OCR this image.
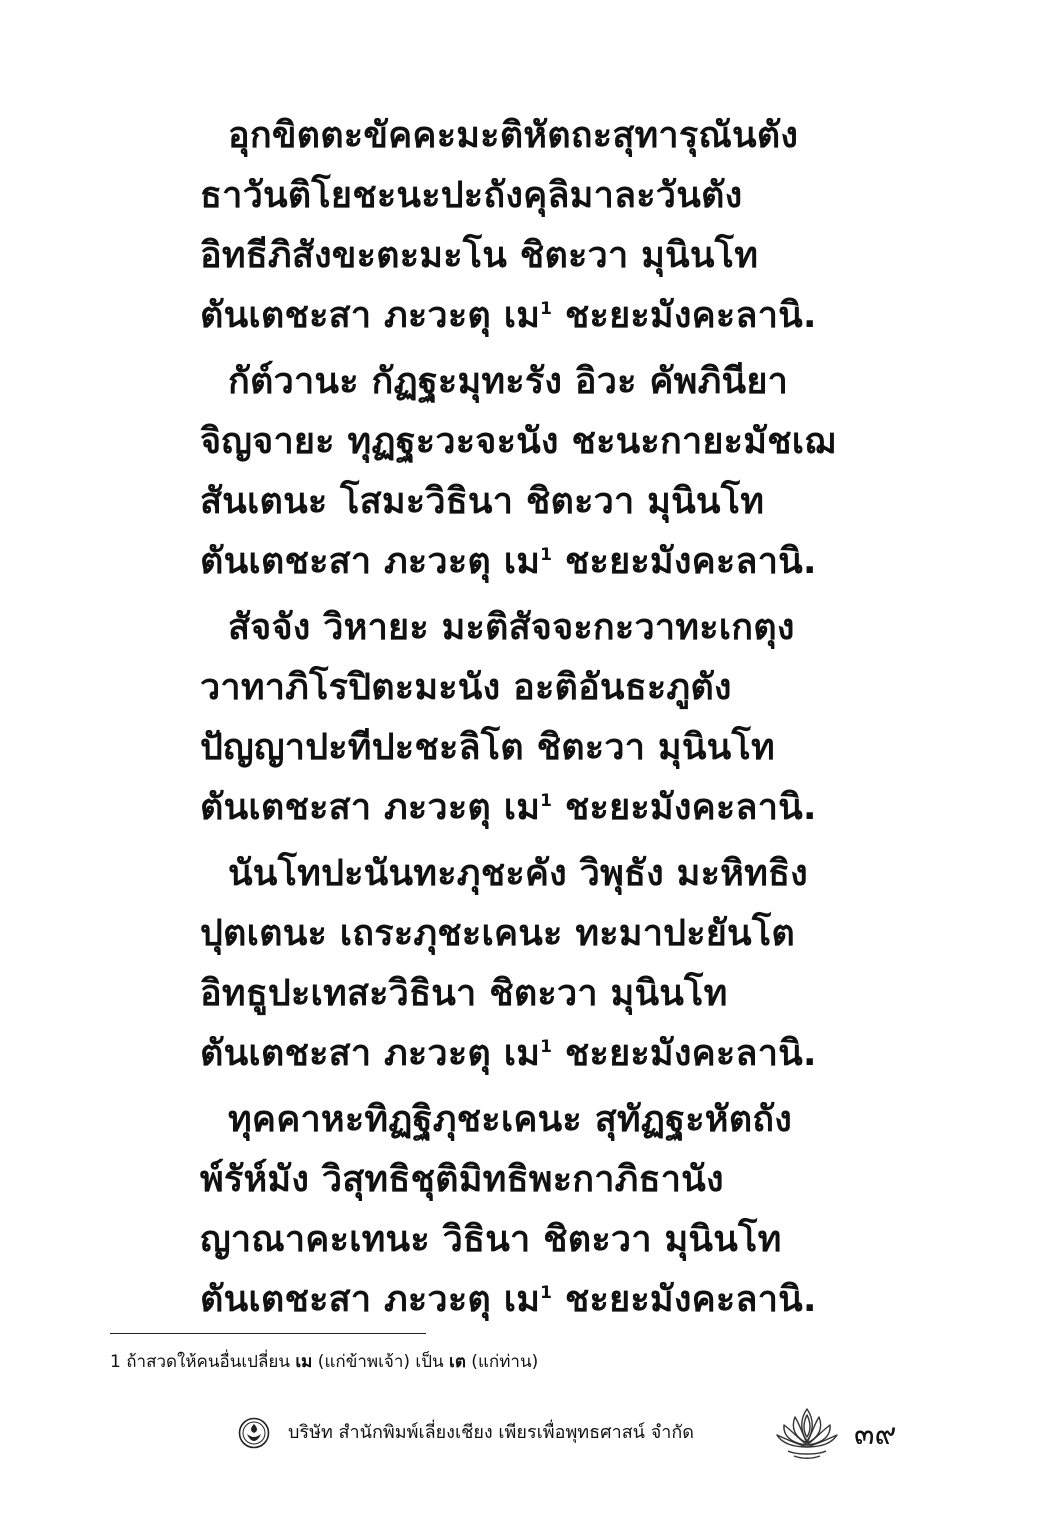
อุกขิตตะขัคคะมะติหัตถะสุทารุณันตัง
ธาวันติโยชะนะปะถังคุลิมาละวันตัง
อิทธีภิสังขะตะมะโน ชิตะวา มุนินโท
ตันเตชะสา ภะวะตุ เม$^1$ ชะยะมังคะลานิ.
กัต์วานะ กัฏฐะมุทะรัง อิวะ คัพภินียา
จิญจายะ ทุฏฐะวะจะนัง ชะนะกายะมัชเฌ
สันเตนะ โสมะวิธินา ชิตะวา มุนินโท
ตันเตชะสา ภะวะตุ เม$^1$ ชะยะมังคะลานิ.
สัจจัง วิหายะ มะติสัจจะกะวาทะเกตุง
วาทาภิโรปิตะมะนัง อะติอันธะภูตัง
ปัญญาปะทีปะชะลิโต ชิตะวา มุนินโท
ตันเตชะสา ภะวะตุ เม$^1$ ชะยะมังคะลานิ.
นันโทปะนันทะภุชะคัง วิพุธัง มะหิทธิง
ปุตเตนะ เถระภุชะเคนะ ทะมาปะยันโต
อิทธูปะเทสะวิธินา ชิตะวา มุนินโท
ตันเตชะสา ภะวะตุ เม$^1$ ชะยะมังคะลานิ.
ทุคคาหะทิฏฐิภุชะเคนะ สุทัฏฐะหัตถัง
พ์รัห์มัง วิสุทธิชุติมิทธิพะกาภิธานัง
ญาณาคะเทนะ วิธินา ชิตะวา มุนินโท
ตันเตชะสา ภะวะตุ เม$^1$ ชะยะมังคะลานิ.
1 ถ้าสวดให้คนอื่นเปลี่ยน เม (แก่ข้าพเจ้า) เป็น เต (แก่ท่าน)
บริษัท สำนักพิมพ์เลี่ยงเชียง เพียรเพื่อพุทธศาสน์ จำกัด	๓๙
